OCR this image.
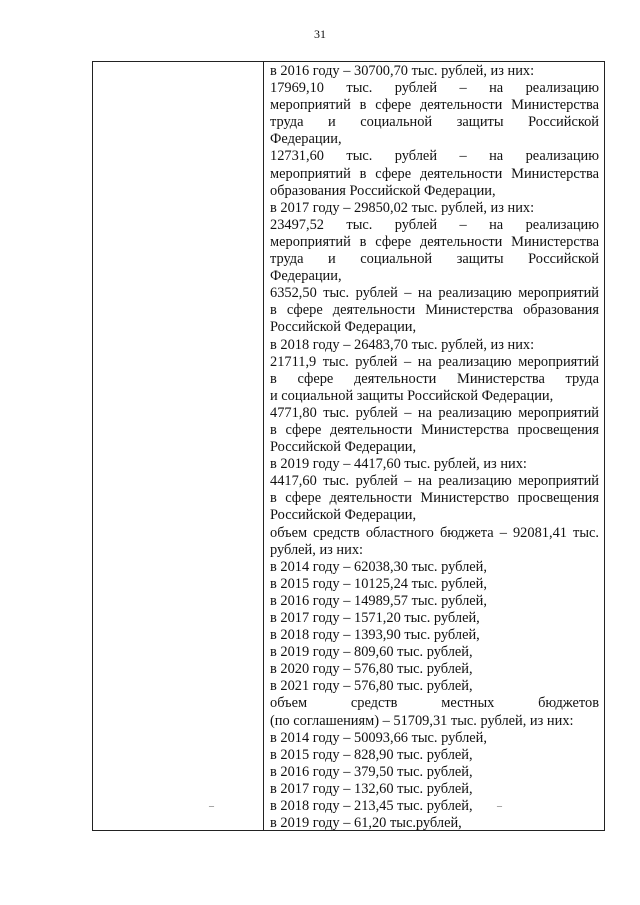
31
в 2016 году – 30700,70 тыс. рублей, из них:
17969,10 тыс. рублей – на реализацию
мероприятий в сфере деятельности Министерства
труда и социальной защиты Российской
Федерации,
12731,60 тыс. рублей – на реализацию
мероприятий в сфере деятельности Министерства
образования Российской Федерации,
в 2017 году – 29850,02 тыс. рублей, из них:
23497,52 тыс. рублей – на реализацию
мероприятий в сфере деятельности Министерства
труда и социальной защиты Российской
Федерации,
6352,50 тыс. рублей – на реализацию мероприятий
в сфере деятельности Министерства образования
Российской Федерации,
в 2018 году – 26483,70 тыс. рублей, из них:
21711,9 тыс. рублей – на реализацию мероприятий
в сфере деятельности Министерства труда
и социальной защиты Российской Федерации,
4771,80 тыс. рублей – на реализацию мероприятий
в сфере деятельности Министерства просвещения
Российской Федерации,
в 2019 году – 4417,60 тыс. рублей, из них:
4417,60 тыс. рублей – на реализацию мероприятий
в сфере деятельности Министерство просвещения
Российской Федерации,
объем средств областного бюджета – 92081,41 тыс.
рублей, из них:
в 2014 году – 62038,30 тыс. рублей,
в 2015 году – 10125,24 тыс. рублей,
в 2016 году – 14989,57 тыс. рублей,
в 2017 году – 1571,20 тыс. рублей,
в 2018 году – 1393,90 тыс. рублей,
в 2019 году – 809,60 тыс. рублей,
в 2020 году – 576,80 тыс. рублей,
в 2021 году – 576,80 тыс. рублей,
объем средств местных бюджетов
(по соглашениям) – 51709,31 тыс. рублей, из них:
в 2014 году – 50093,66 тыс. рублей,
в 2015 году – 828,90 тыс. рублей,
в 2016 году – 379,50 тыс. рублей,
в 2017 году – 132,60 тыс. рублей,
в 2018 году – 213,45 тыс. рублей,
в 2019 году – 61,20 тыс.рублей,
–	–
